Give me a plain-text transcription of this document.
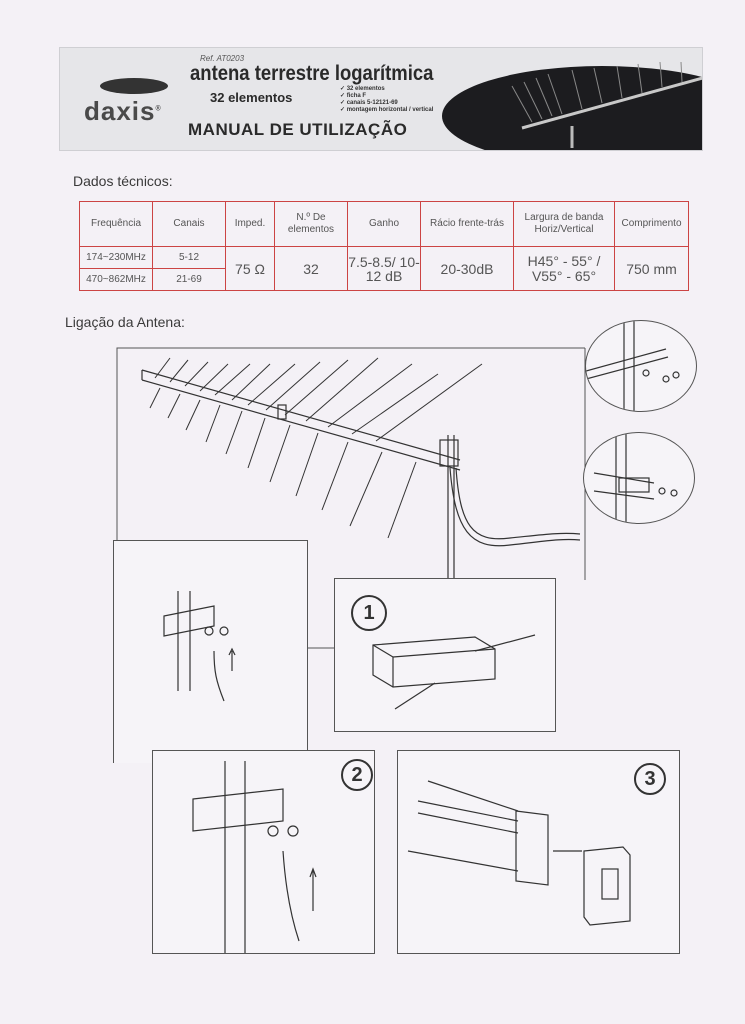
daxis®
Ref. AT0203
antena terrestre logarítmica
32 elementos
✓ 32 elementos
✓ ficha F
✓ canais 5-12121-69
✓ montagem horizontal / vertical
MANUAL DE UTILIZAÇÃO
Dados técnicos:
Frequência	Canais	Imped.	N.º De elementos	Ganho	Rácio frente-trás	Largura de banda Horiz/Vertical	Comprimento
174~230MHz	5-12	75 Ω	32	7.5-8.5/ 10-12 dB	20-30dB	H45° - 55° / V55° - 65°	750 mm
470~862MHz	21-69						
Ligação da Antena:
1
2	3
